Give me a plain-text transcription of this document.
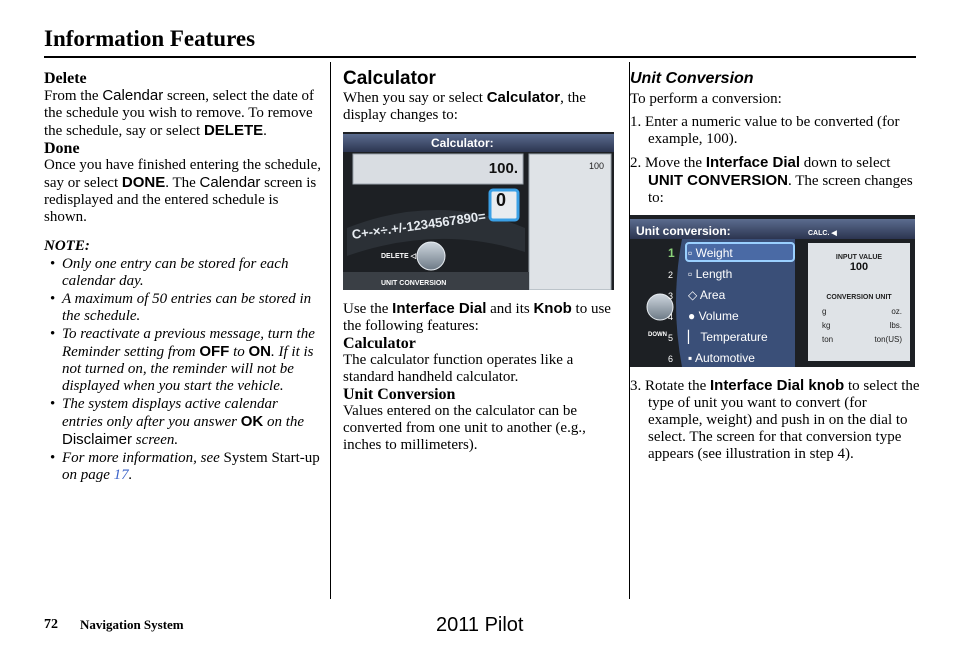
Information Features
Delete

From the Calendar screen, select the date of the schedule you wish to remove. To remove the schedule, say or select DELETE.

Done

Once you have finished entering the schedule, say or select DONE. The Calendar screen is redisplayed and the entered schedule is shown.

NOTE:

• Only one entry can be stored for each calendar day.
• A maximum of 50 entries can be stored in the schedule.
• To reactivate a previous message, turn the Reminder setting from OFF to ON. If it is not turned on, the reminder will not be displayed when you start the vehicle.
• The system displays active calendar entries only after you answer OK on the Disclaimer screen.
• For more information, see System Start-up on page 17.
Calculator

When you say or select Calculator, the display changes to:

Calculator:
100.	100
C+-×÷.+/-1234567890=
0
DELETE ◁
UNIT CONVERSION

Use the Interface Dial and its Knob to use the following features:

Calculator

The calculator function operates like a standard handheld calculator.

Unit Conversion

Values entered on the calculator can be converted from one unit to another (e.g., inches to millimeters).

Unit Conversion

To perform a conversion:

1. Enter a numeric value to be converted (for example, 100).
2. Move the Interface Dial down to select UNIT CONVERSION. The screen changes to:
Unit conversion:	CALC. ◀
1 ▫ Weight
2 ▫ Length
3 ◇ Area
4 ● Volume
5 ▏ Temperature
6 ▪ Automotive
DOWN
INPUT VALUE
100
CONVERSION UNIT
g	oz.
kg	lbs.
ton	ton(US)
3. Rotate the Interface Dial knob to select the type of unit you want to convert (for example, weight) and push in on the dial to select. The screen for that conversion type appears (see illustration in step 4).
72 Navigation System	2011 Pilot
